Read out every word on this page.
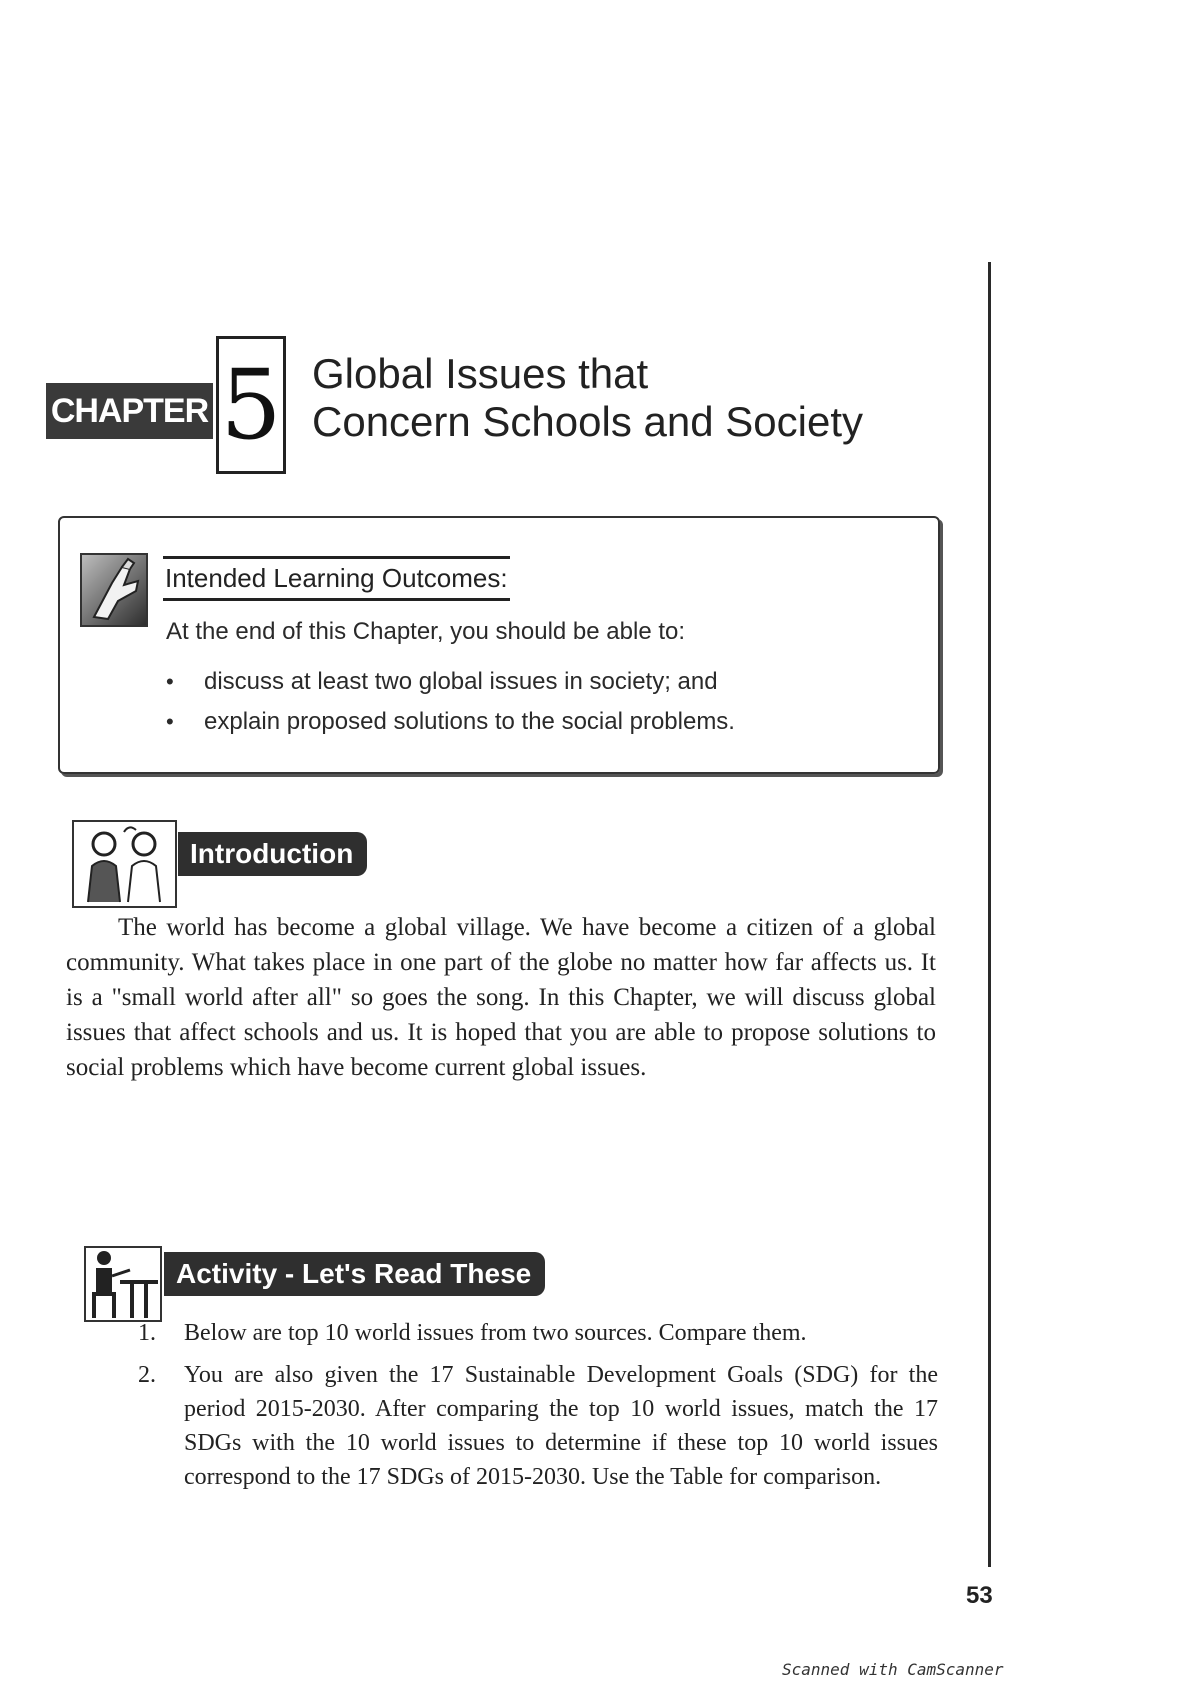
CHAPTER 5 Global Issues that
Concern Schools and Society
Intended Learning Outcomes:
At the end of this Chapter, you should be able to:
•	discuss at least two global issues in society; and
•	explain proposed solutions to the social problems.
Introduction

The world has become a global village. We have become a citizen of a global community. What takes place in one part of the globe no matter how far affects us. It is a "small world after all" so goes the song. In this Chapter, we will discuss global issues that affect schools and us. It is hoped that you are able to propose solutions to social problems which have become current global issues.

Activity - Let's Read These
1. Below are top 10 world issues from two sources. Compare them.
2. You are also given the 17 Sustainable Development Goals (SDG) for the period 2015-2030. After comparing the top 10 world issues, match the 17 SDGs with the 10 world issues to determine if these top 10 world issues correspond to the 17 SDGs of 2015-2030. Use the Table for comparison.
53
Scanned with CamScanner
